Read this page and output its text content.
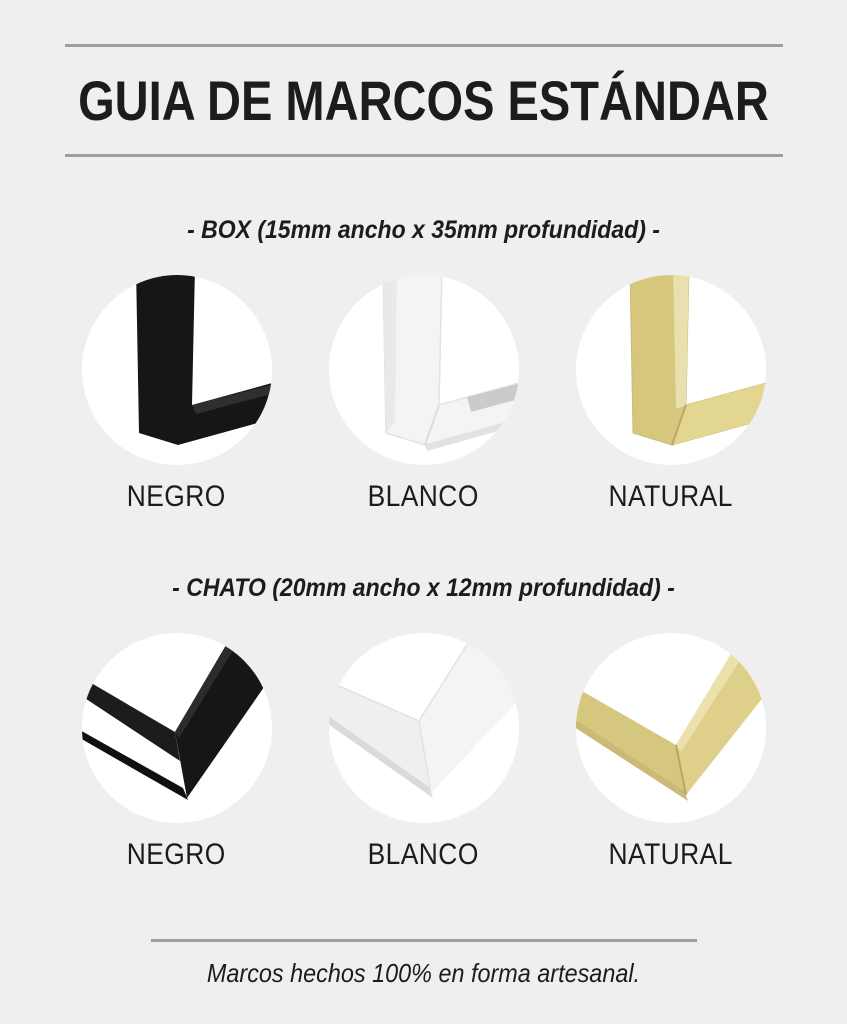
GUIA DE MARCOS ESTÁNDAR
- BOX (15mm ancho x 35mm profundidad) -
NEGRO	BLANCO	NATURAL
- CHATO (20mm ancho x 12mm profundidad) -
NEGRO	BLANCO	NATURAL

Marcos hechos 100% en forma artesanal.
